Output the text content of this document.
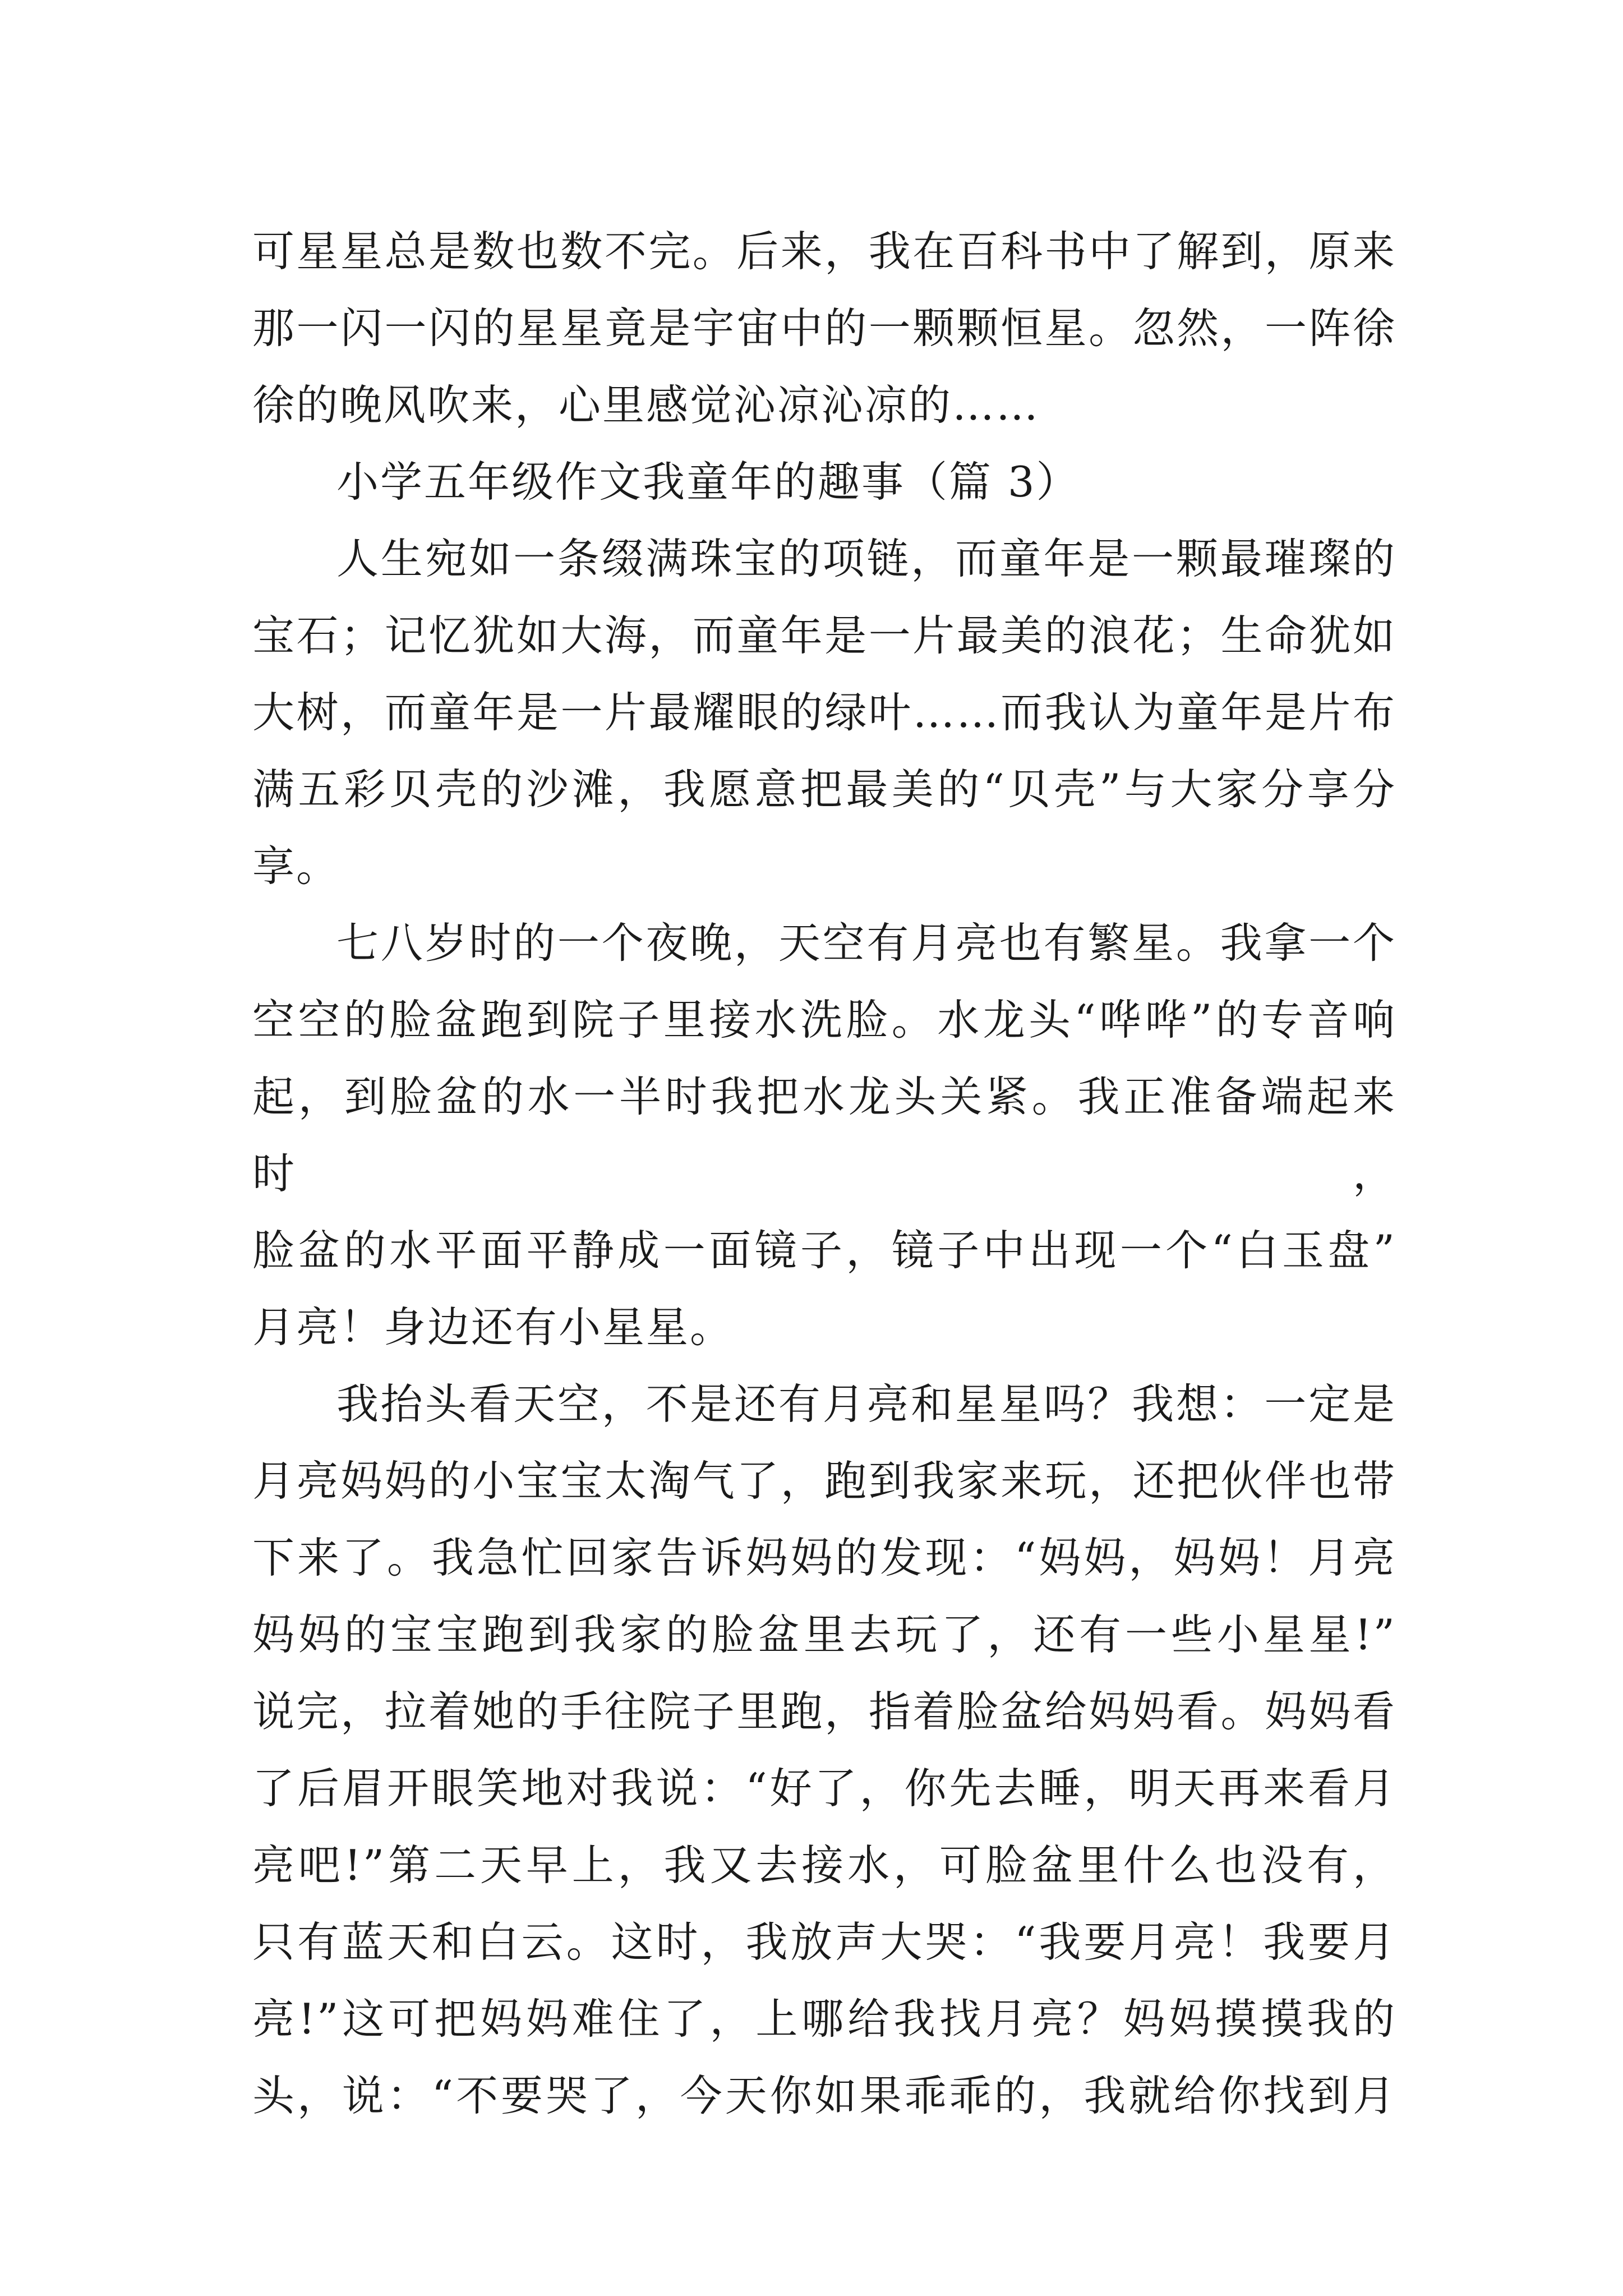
可星星总是数也数不完。后来，我在百科书中了解到，原来

那一闪一闪的星星竟是宇宙中的一颗颗恒星。忽然，一阵徐

徐的晚风吹来，心里感觉沁凉沁凉的……

小学五年级作文我童年的趣事（篇 3）

人生宛如一条缀满珠宝的项链，而童年是一颗最璀璨的

宝石；记忆犹如大海，而童年是一片最美的浪花；生命犹如

大树，而童年是一片最耀眼的绿叶……而我认为童年是片布

满五彩贝壳的沙滩，我愿意把最美的“贝壳”与大家分享分

享。

七八岁时的一个夜晚，天空有月亮也有繁星。我拿一个

空空的脸盆跑到院子里接水洗脸。水龙头“哗哗”的专音响

起，到脸盆的水一半时我把水龙头关紧。我正准备端起来时，

脸盆的水平面平静成一面镜子，镜子中出现一个“白玉盘”

月亮！身边还有小星星。

我抬头看天空，不是还有月亮和星星吗？我想：一定是

月亮妈妈的小宝宝太淘气了，跑到我家来玩，还把伙伴也带

下来了。我急忙回家告诉妈妈的发现：“妈妈，妈妈！月亮

妈妈的宝宝跑到我家的脸盆里去玩了，还有一些小星星!”

说完，拉着她的手往院子里跑，指着脸盆给妈妈看。妈妈看

了后眉开眼笑地对我说：“好了，你先去睡，明天再来看月

亮吧!”第二天早上，我又去接水，可脸盆里什么也没有，

只有蓝天和白云。这时，我放声大哭：“我要月亮！我要月

亮!”这可把妈妈难住了，上哪给我找月亮？妈妈摸摸我的

头，说：“不要哭了，今天你如果乖乖的，我就给你找到月
